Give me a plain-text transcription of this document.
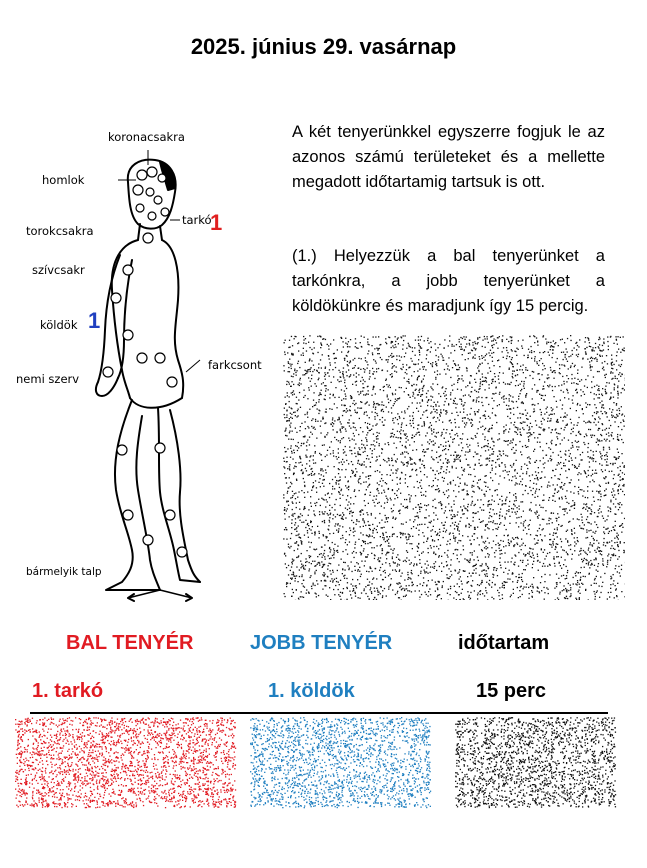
2025. június 29. vasárnap
koronacsakra
homlok
tarkó
1
torokcsakra
szívcsakr
köldök 1
farkcsont
nemi szerv
bármelyik talp
A két tenyerünkkel egyszerre fogjuk le az azonos számú területeket és a mellette megadott időtartamig tartsuk is ott.
(1.) Helyezzük a bal tenyerünket a tarkónkra, a jobb tenyerünket a köldökünkre és maradjunk így 15 percig.
BAL TENYÉR	JOBB TENYÉR	időtartam
1. tarkó	1. köldök	15 perc
